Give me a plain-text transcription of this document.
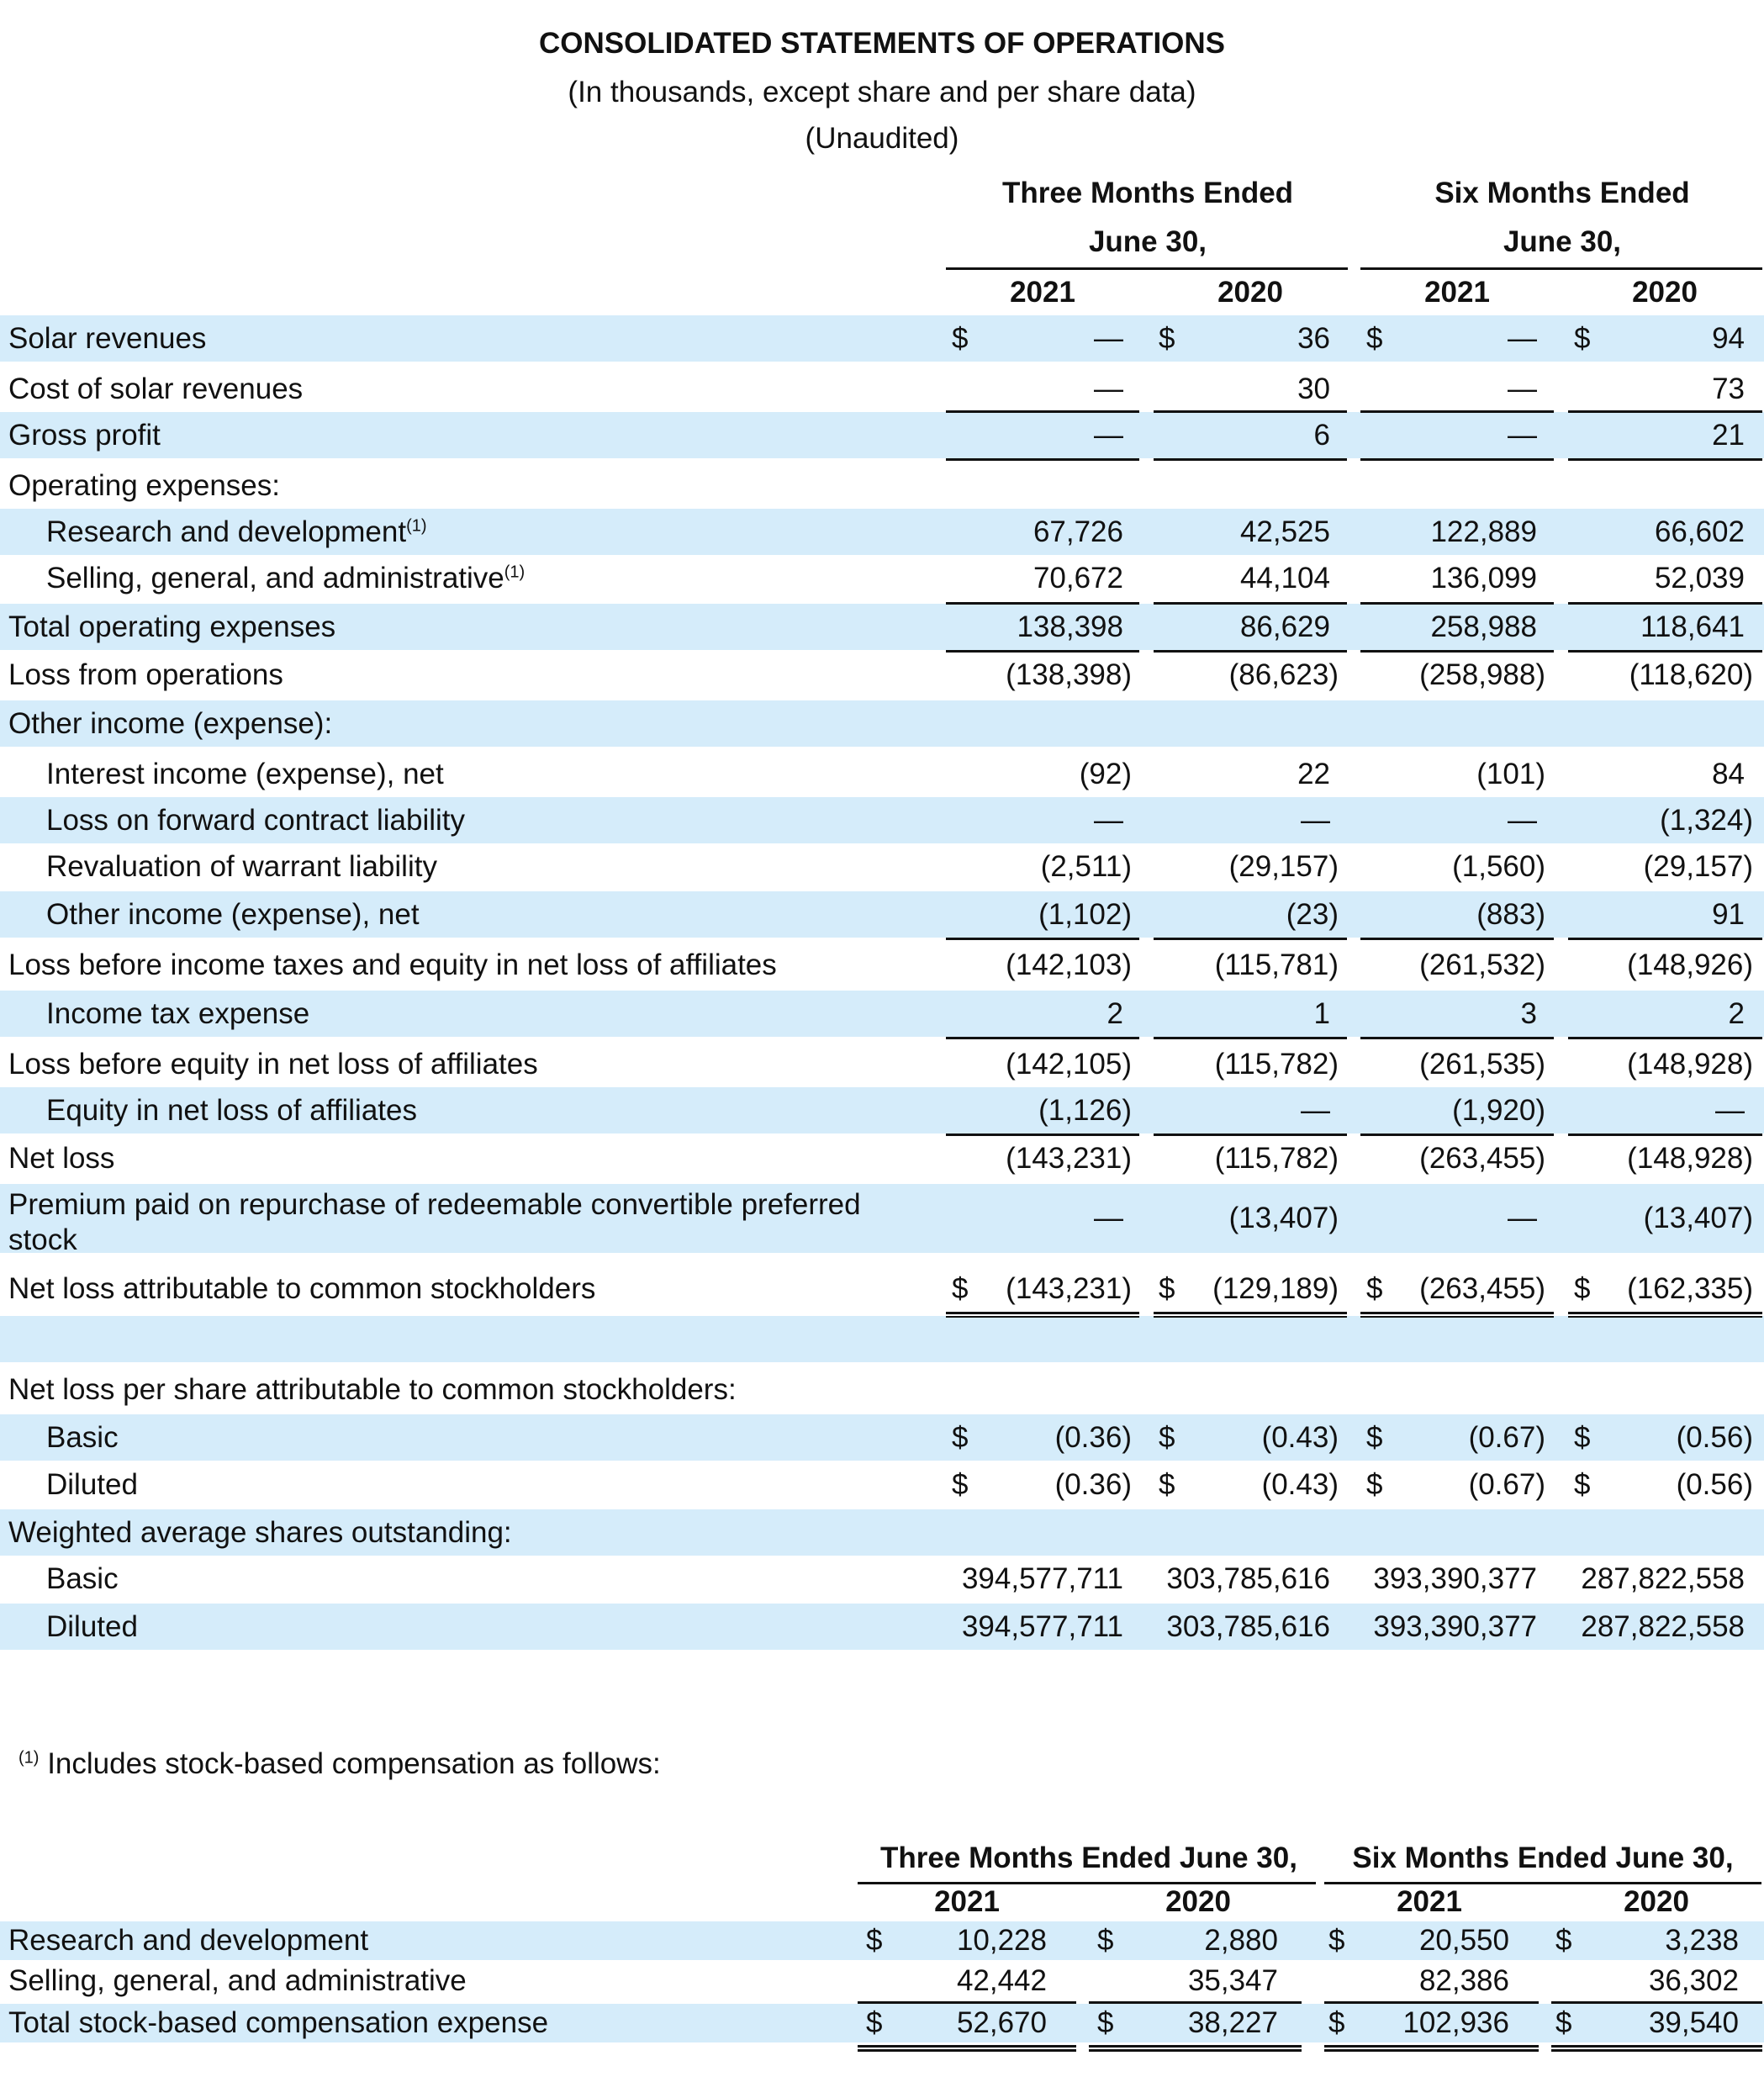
CONSOLIDATED STATEMENTS OF OPERATIONS
(In thousands, except share and per share data)
(Unaudited)
Three Months Ended
June 30,
Six Months Ended
June 30,
2021	2020	2021	2020
Solar revenues	$	— $	36 $	— $	94
Cost of solar revenues	—	30	—	73
Gross profit	—	6	—	21
Operating expenses:
Research and development$^{(1)}$	67,726	42,525	122,889	66,602
Selling, general, and administrative$^{(1)}$	70,672	44,104	136,099	52,039
Total operating expenses	138,398	86,629	258,988	118,641
Loss from operations	(138,398)	(86,623)	(258,988)	(118,620)
Other income (expense):
Interest income (expense), net	(92)	22	(101)	84
Loss on forward contract liability	—	—	—	(1,324)
Revaluation of warrant liability	(2,511)	(29,157)	(1,560)	(29,157)
Other income (expense), net	(1,102)	(23)	(883)	91
Loss before income taxes and equity in net loss of affiliates	(142,103)	(115,781)	(261,532)	(148,926)
Income tax expense	2	1	3	2
Loss before equity in net loss of affiliates	(142,105)	(115,782)	(261,535)	(148,928)
Equity in net loss of affiliates	(1,126)	—	(1,920)	—
Net loss	(143,231)	(115,782)	(263,455)	(148,928)
Premium paid on repurchase of redeemable convertible preferred
stock
—	(13,407)	—	(13,407)
Net loss attributable to common stockholders	$ (143,231) $ (129,189) $ (263,455) $ (162,335)
Net loss per share attributable to common stockholders:
Basic	$	(0.36) $	(0.43) $	(0.67) $	(0.56)
Diluted	$	(0.36) $	(0.43) $	(0.67) $	(0.56)
Weighted average shares outstanding:
Basic	394,577,711 303,785,616 393,390,377 287,822,558
Diluted	394,577,711 303,785,616 393,390,377 287,822,558
$^{(1)}$ Includes stock-based compensation as follows:
Three Months Ended June 30,	Six Months Ended June 30,
2021	2020	2021	2020
Research and development	$	10,228 $	2,880 $	20,550 $	3,238
Selling, general, and administrative	42,442	35,347	82,386	36,302
Total stock-based compensation expense	$	52,670 $	38,227 $ 102,936 $	39,540
